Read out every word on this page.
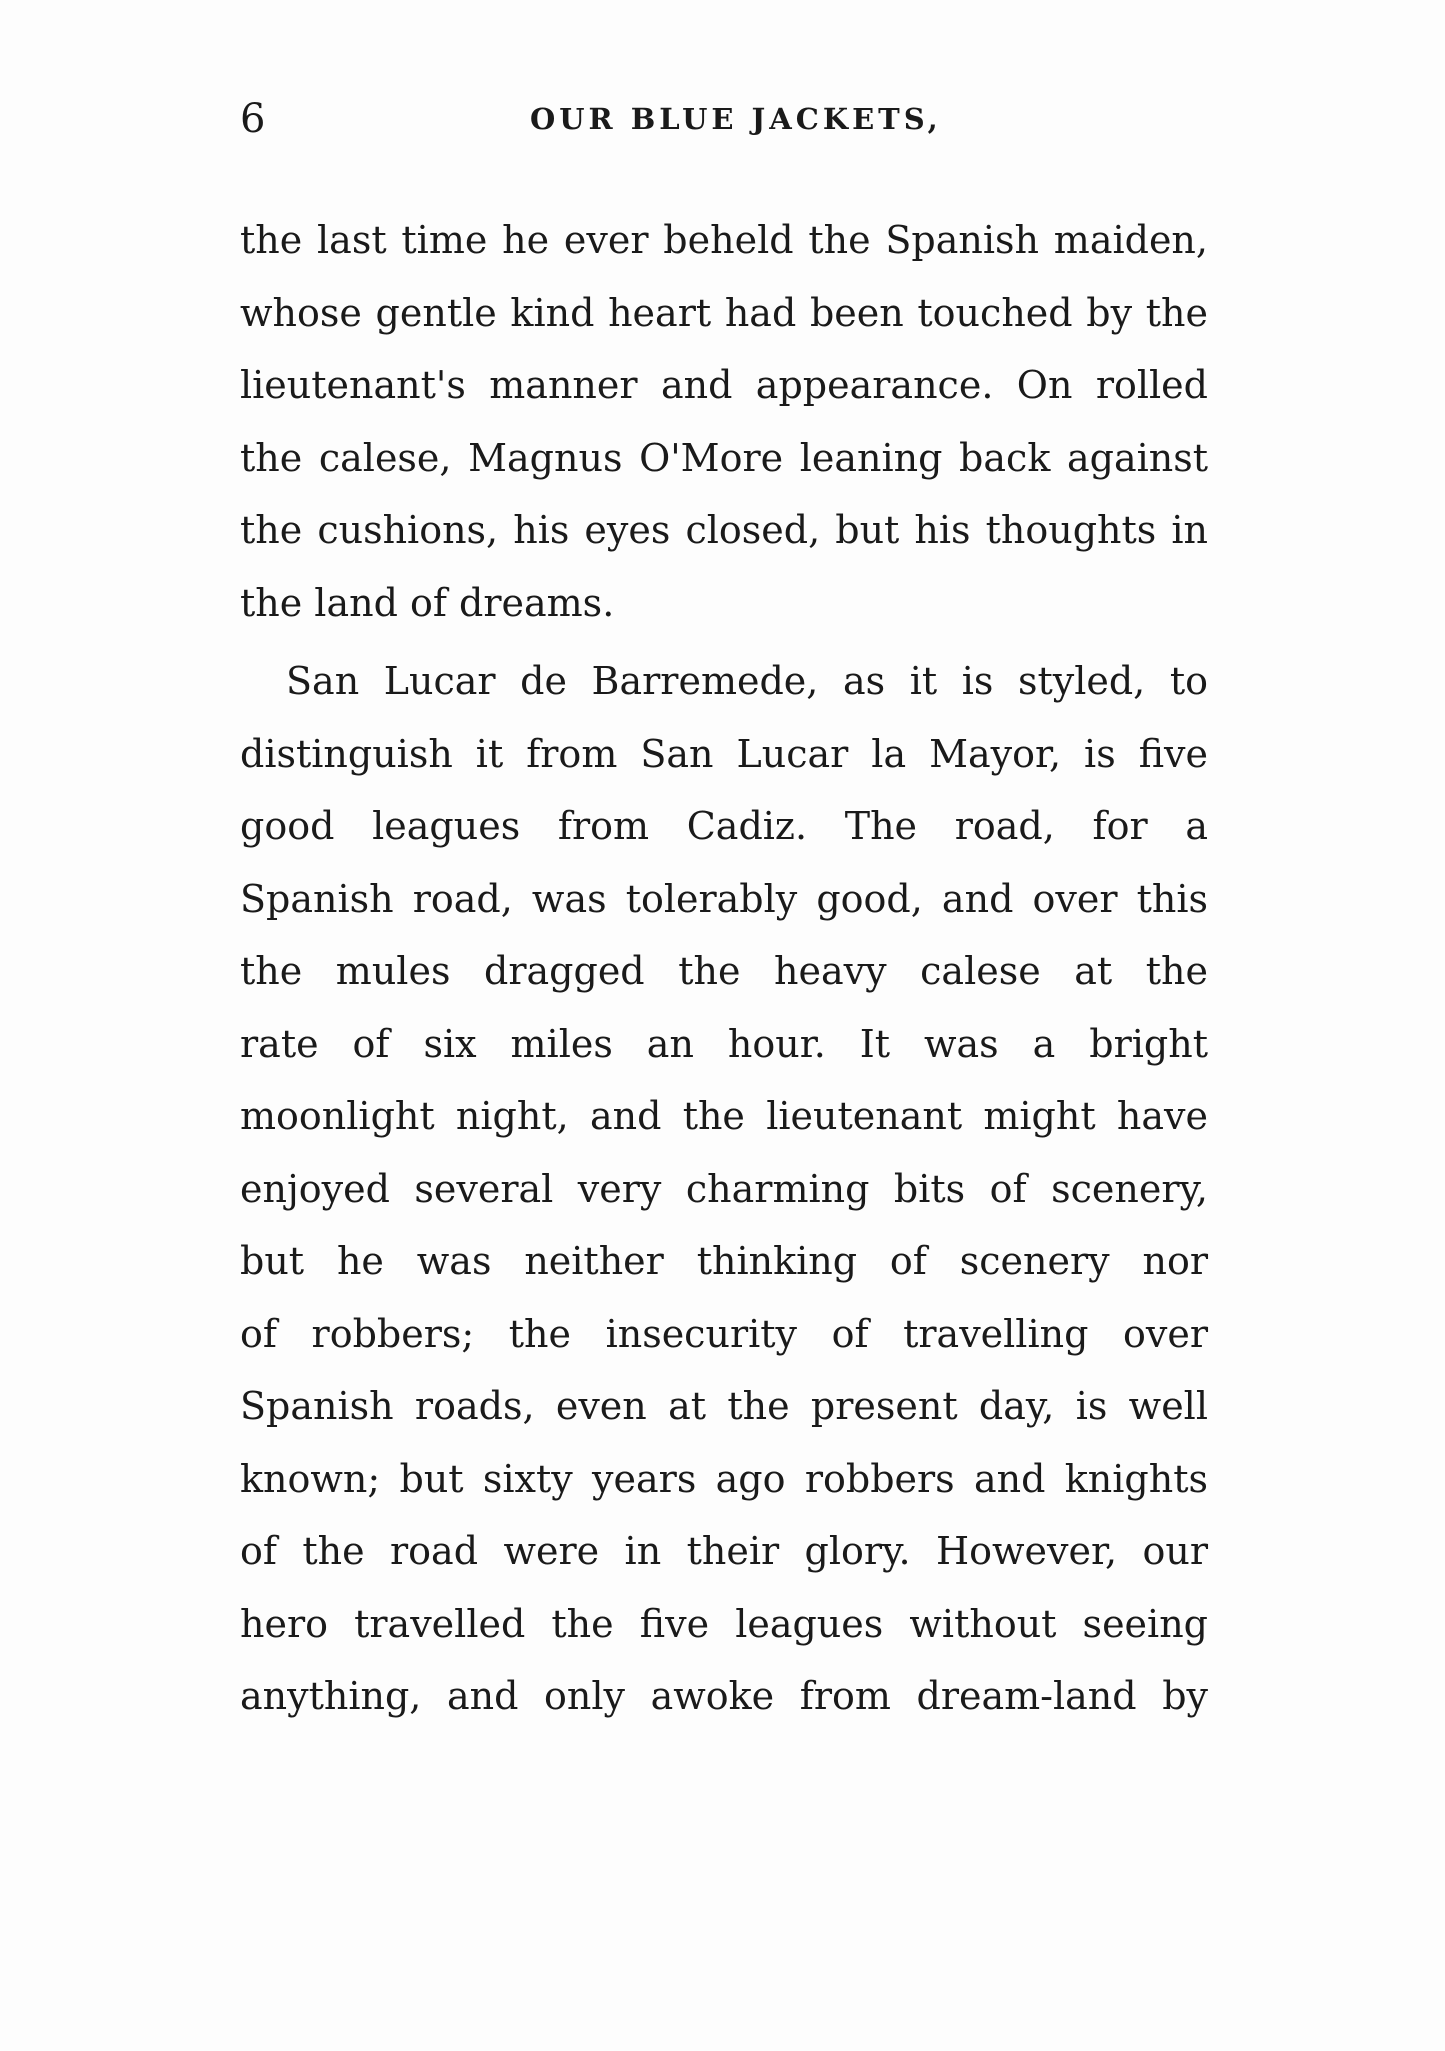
6	OUR BLUE JACKETS,
the last time he ever beheld the Spanish maiden,
whose gentle kind heart had been touched by the
lieutenant's manner and appearance. On rolled
the calese, Magnus O'More leaning back against
the cushions, his eyes closed, but his thoughts in
the land of dreams.
San Lucar de Barremede, as it is styled, to
distinguish it from San Lucar la Mayor, is five
good leagues from Cadiz. The road, for a
Spanish road, was tolerably good, and over this
the mules dragged the heavy calese at the
rate of six miles an hour. It was a bright
moonlight night, and the lieutenant might have
enjoyed several very charming bits of scenery,
but he was neither thinking of scenery nor
of robbers; the insecurity of travelling over
Spanish roads, even at the present day, is well
known; but sixty years ago robbers and knights
of the road were in their glory. However, our
hero travelled the five leagues without seeing
anything, and only awoke from dream-land by
